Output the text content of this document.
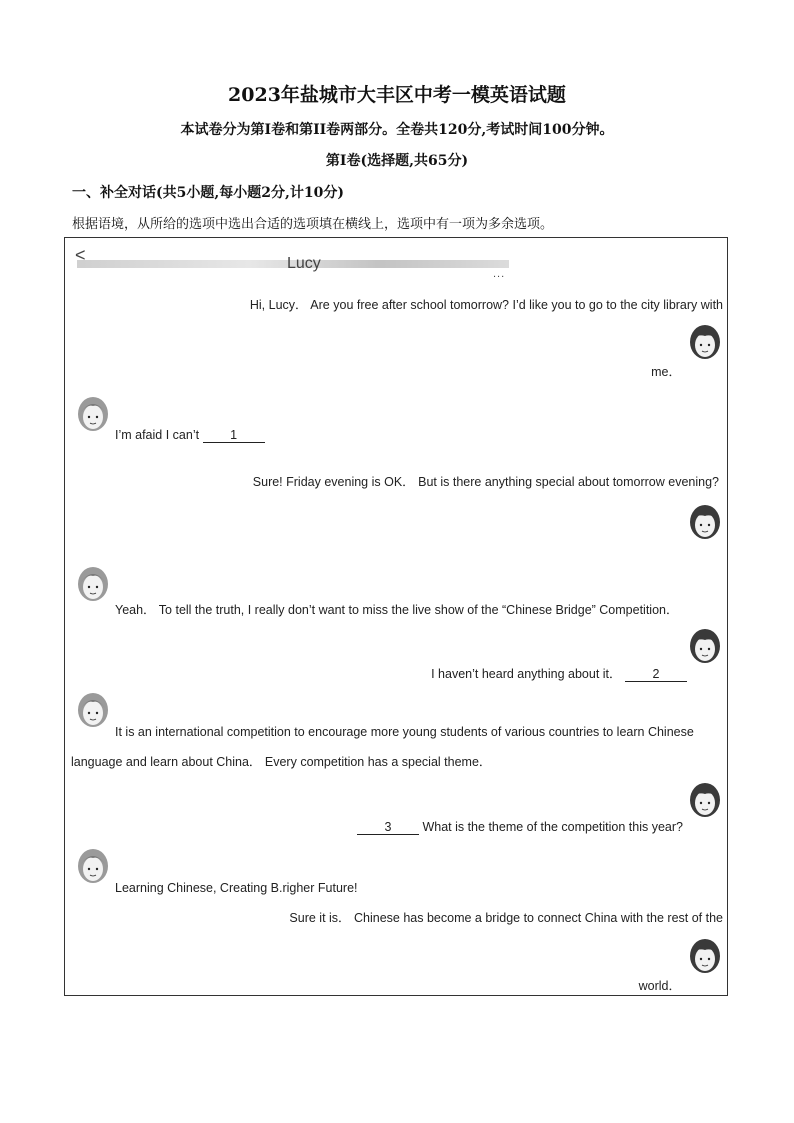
2023年盐城市大丰区中考一模英语试题
本试卷分为第I卷和第II卷两部分。全卷共120分,考试时间100分钟。
第I卷(选择题,共65分)
一、补全对话(共5小题,每小题2分,计10分)
根据语境，从所给的选项中选出合适的选项填在横线上，选项中有一项为多余选项。
<	Lucy
...
Hi, Lucy． Are you free after school tomorrow? I’d like you to go to the city library with
me．
I’m afaid I can’t 1
Sure! Friday evening is OK． But is there anything special about tomorrow evening?
Yeah． To tell the truth, I really don’t want to miss the live show of the “Chinese Bridge” Competition．
I haven’t heard anything about it． 2
It is an international competition to encourage more young students of various countries to learn Chinese
language and learn about China． Every competition has a special theme．
3 What is the theme of the competition this year?
Learning Chinese, Creating B.righer Future!
Sure it is． Chinese has become a bridge to connect China with the rest of the
world．
